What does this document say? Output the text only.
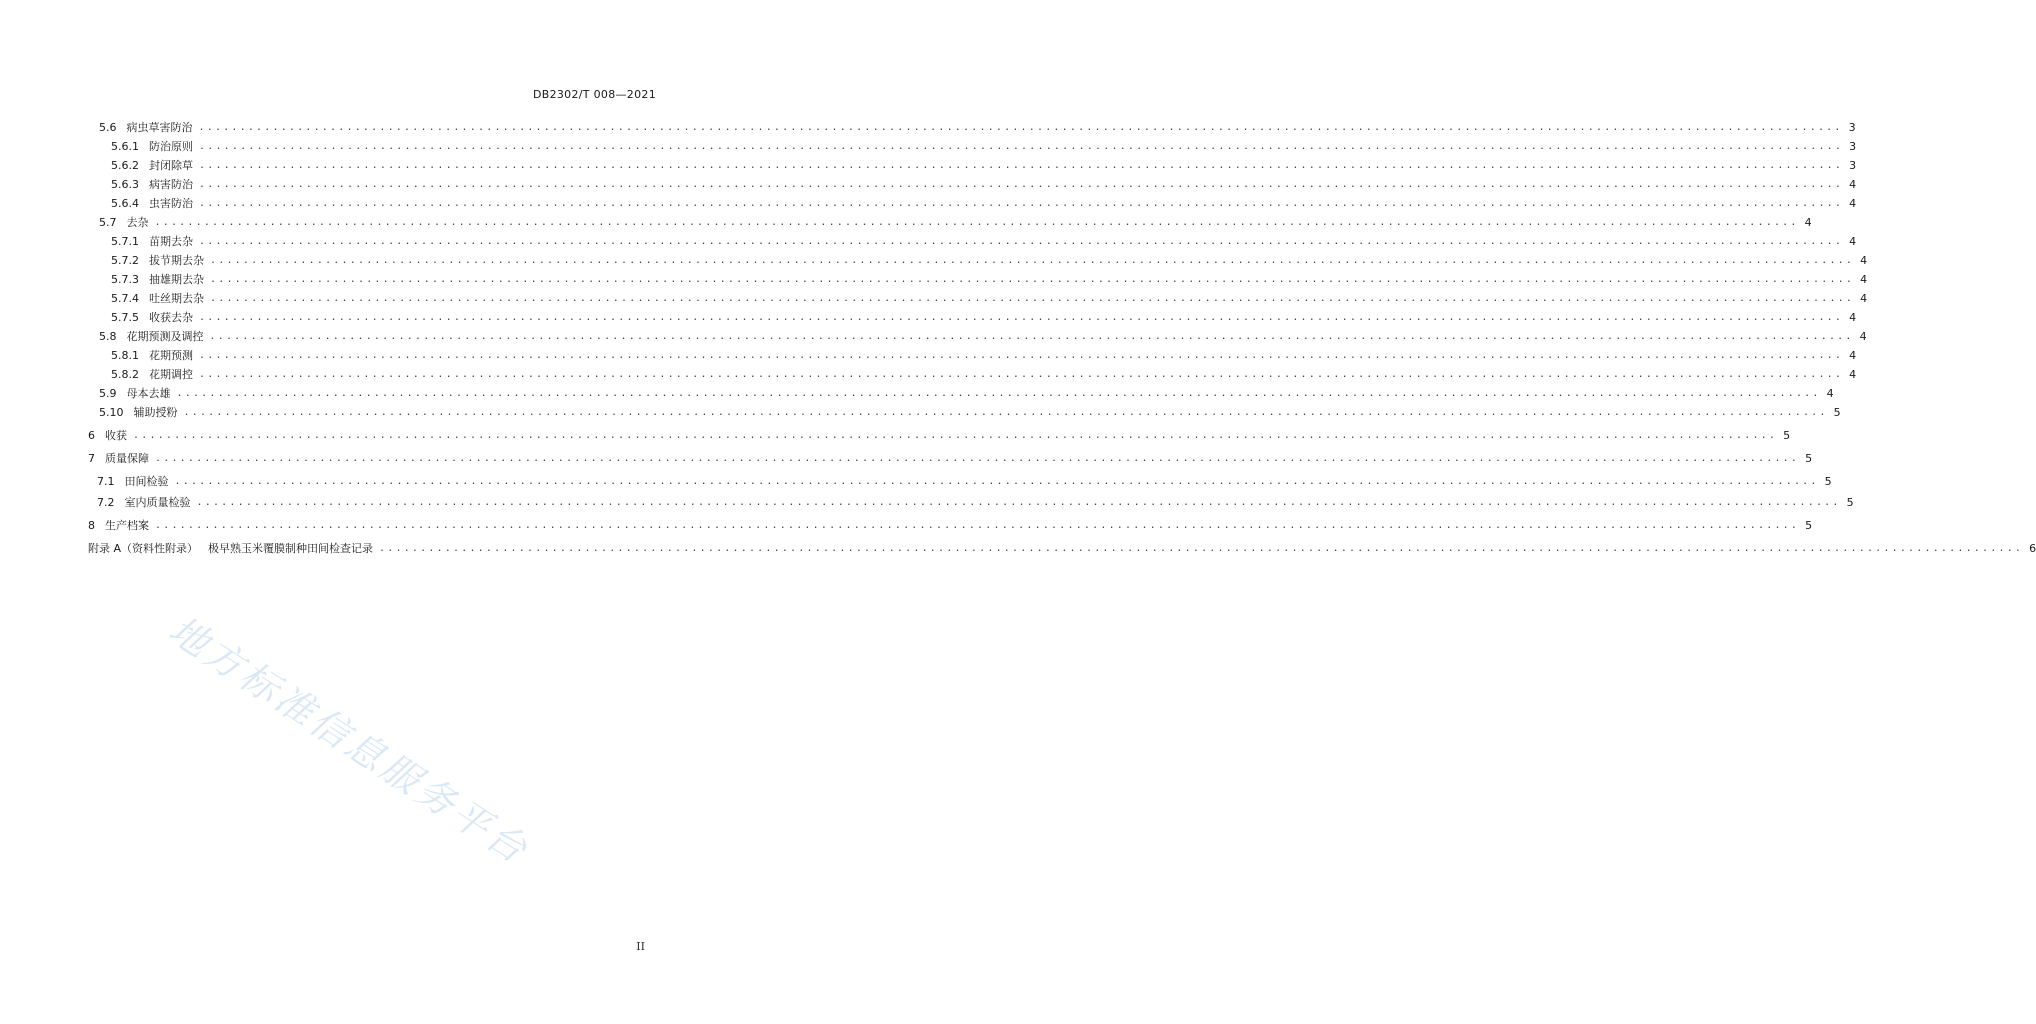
DB2302/T 008—2021
5.6 病虫草害防治 ........................................................................................................................................................................................................ 3
5.6.1 防治原则 ........................................................................................................................................................................................................ 3
5.6.2 封闭除草 ........................................................................................................................................................................................................ 3
5.6.3 病害防治 ........................................................................................................................................................................................................ 4
5.6.4 虫害防治 ........................................................................................................................................................................................................ 4
5.7 去杂 ........................................................................................................................................................................................................ 4
5.7.1 苗期去杂 ........................................................................................................................................................................................................ 4
5.7.2 拔节期去杂 ........................................................................................................................................................................................................ 4
5.7.3 抽雄期去杂 ........................................................................................................................................................................................................ 4
5.7.4 吐丝期去杂 ........................................................................................................................................................................................................ 4
5.7.5 收获去杂 ........................................................................................................................................................................................................ 4
5.8 花期预测及调控 ........................................................................................................................................................................................................ 4
5.8.1 花期预测 ........................................................................................................................................................................................................ 4
5.8.2 花期调控 ........................................................................................................................................................................................................ 4
5.9 母本去雄 ........................................................................................................................................................................................................ 4
5.10 辅助授粉 ........................................................................................................................................................................................................ 5
6 收获 ........................................................................................................................................................................................................ 5
7 质量保障 ........................................................................................................................................................................................................ 5
7.1 田间检验 ........................................................................................................................................................................................................ 5
7.2 室内质量检验 ........................................................................................................................................................................................................ 5
8 生产档案 ........................................................................................................................................................................................................ 5
附录 A（资料性附录） 极早熟玉米覆膜制种田间检查记录 ........................................................................................................................................................................................................ 6
地方标准信息服务平台
II
